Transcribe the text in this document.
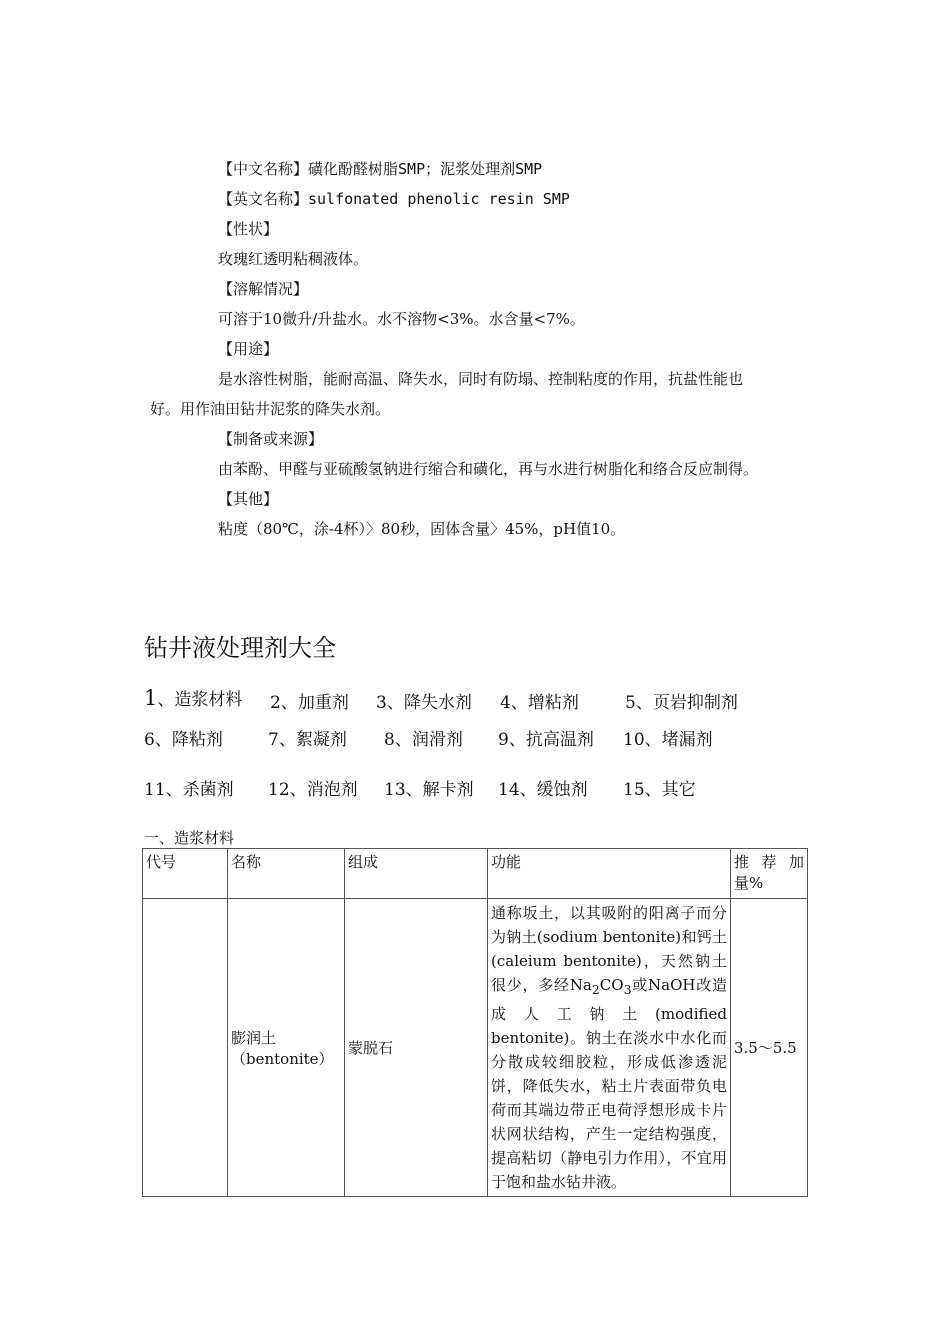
【中文名称】磺化酚醛树脂SMP；泥浆处理剂SMP
【英文名称】sulfonated phenolic resin SMP
【性状】
玫瑰红透明粘稠液体。
【溶解情况】
可溶于10微升/升盐水。水不溶物<3%。水含量<7%。
【用途】
是水溶性树脂，能耐高温、降失水，同时有防塌、控制粘度的作用，抗盐性能也
好。用作油田钻井泥浆的降失水剂。
【制备或来源】
由苯酚、甲醛与亚硫酸氢钠进行缩合和磺化，再与水进行树脂化和络合反应制得。
【其他】
粘度（80℃，涂-4杯）〉80秒，固体含量〉45%，pH值10。
钻井液处理剂大全
1、造浆材料 2、加重剂 3、降失水剂 4、增粘剂	5、页岩抑制剂
6、降粘剂	7、絮凝剂 8、润滑剂 9、抗高温剂 10、堵漏剂
11、杀菌剂 12、消泡剂 13、解卡剂 14、缓蚀剂 15、其它
一、造浆材料
代号	名称	组成	功能	推 荐 加
量%

	膨润土
（bentonite）	蒙脱石	通称坂土，以其吸附的阳离子而分为钠土(sodium bentonite)和钙土(caleium bentonite)，天然钠土很少，多经$Na_2CO_3$或NaOH改造成人工钠土(modified bentonite)。钠土在淡水中水化而分散成较细胶粒，形成低渗透泥饼，降低失水，粘土片表面带负电荷而其端边带正电荷浮想形成卡片状网状结构，产生一定结构强度，提高粘切（静电引力作用），不宜用于饱和盐水钻井液。	3.5～5.5
